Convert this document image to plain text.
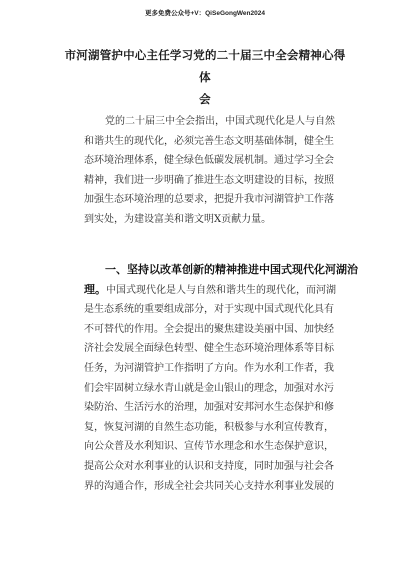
更多免费公众号+V：QiSeGongWen2024
市河湖管护中心主任学习党的二十届三中全会精神心得体
会
党的二十届三中全会指出，中国式现代化是人与自然
和谐共生的现代化，必须完善生态文明基础体制，健全生
态环境治理体系，健全绿色低碳发展机制。通过学习全会
精神，我们进一步明确了推进生态文明建设的目标，按照
加强生态环境治理的总要求，把提升我市河湖管护工作落
到实处，为建设富美和谐文明X贡献力量。
一、坚持以改革创新的精神推进中国式现代化河湖治
理。中国式现代化是人与自然和谐共生的现代化，而河湖
是生态系统的重要组成部分，对于实现中国式现代化具有
不可替代的作用。全会提出的聚焦建设美丽中国、加快经
济社会发展全面绿色转型、健全生态环境治理体系等目标
任务，为河湖管护工作指明了方向。作为水利工作者，我
们会牢固树立绿水青山就是金山银山的理念，加强对水污
染防治、生活污水的治理，加强对安邦河水生态保护和修
复，恢复河湖的自然生态功能，积极参与水利宣传教育，
向公众普及水利知识、宣传节水理念和水生态保护意识，
提高公众对水利事业的认识和支持度，同时加强与社会各
界的沟通合作，形成全社会共同关心支持水利事业发展的
